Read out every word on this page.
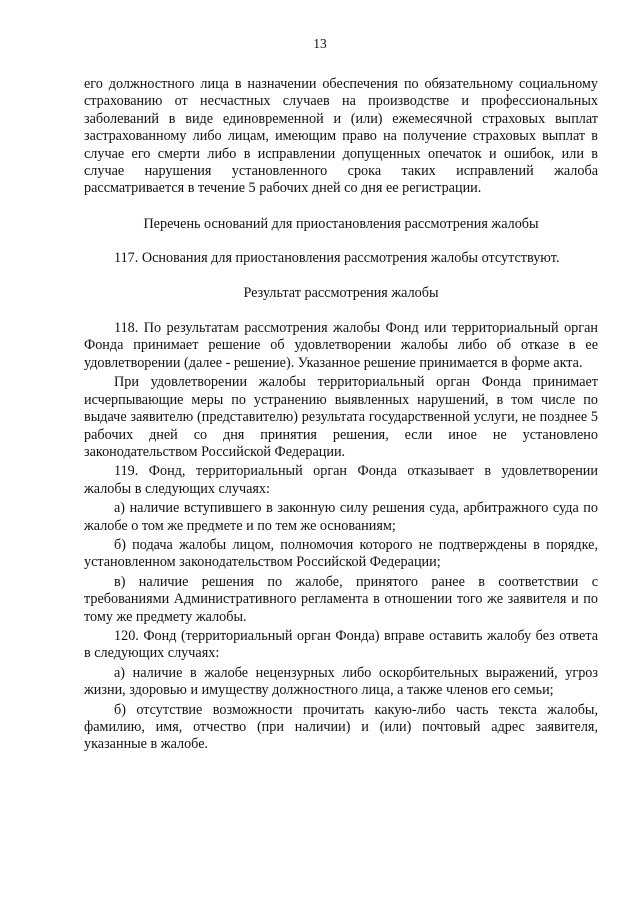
13

его должностного лица в назначении обеспечения по обязательному социальному страхованию от несчастных случаев на производстве и профессиональных заболеваний в виде единовременной и (или) ежемесячной страховых выплат застрахованному либо лицам, имеющим право на получение страховых выплат в случае его смерти либо в исправлении допущенных опечаток и ошибок, или в случае нарушения установленного срока таких исправлений жалоба рассматривается в течение 5 рабочих дней со дня ее регистрации.

Перечень оснований для приостановления рассмотрения жалобы

117. Основания для приостановления рассмотрения жалобы отсутствуют.

Результат рассмотрения жалобы

118. По результатам рассмотрения жалобы Фонд или территориальный орган Фонда принимает решение об удовлетворении жалобы либо об отказе в ее удовлетворении (далее - решение). Указанное решение принимается в форме акта.

При удовлетворении жалобы территориальный орган Фонда принимает исчерпывающие меры по устранению выявленных нарушений, в том числе по выдаче заявителю (представителю) результата государственной услуги, не позднее 5 рабочих дней со дня принятия решения, если иное не установлено законодательством Российской Федерации.

119. Фонд, территориальный орган Фонда отказывает в удовлетворении жалобы в следующих случаях:

а) наличие вступившего в законную силу решения суда, арбитражного суда по жалобе о том же предмете и по тем же основаниям;

б) подача жалобы лицом, полномочия которого не подтверждены в порядке, установленном законодательством Российской Федерации;

в) наличие решения по жалобе, принятого ранее в соответствии с требованиями Административного регламента в отношении того же заявителя и по тому же предмету жалобы.

120. Фонд (территориальный орган Фонда) вправе оставить жалобу без ответа в следующих случаях:

а) наличие в жалобе нецензурных либо оскорбительных выражений, угроз жизни, здоровью и имуществу должностного лица, а также членов его семьи;

б) отсутствие возможности прочитать какую-либо часть текста жалобы, фамилию, имя, отчество (при наличии) и (или) почтовый адрес заявителя, указанные в жалобе.
